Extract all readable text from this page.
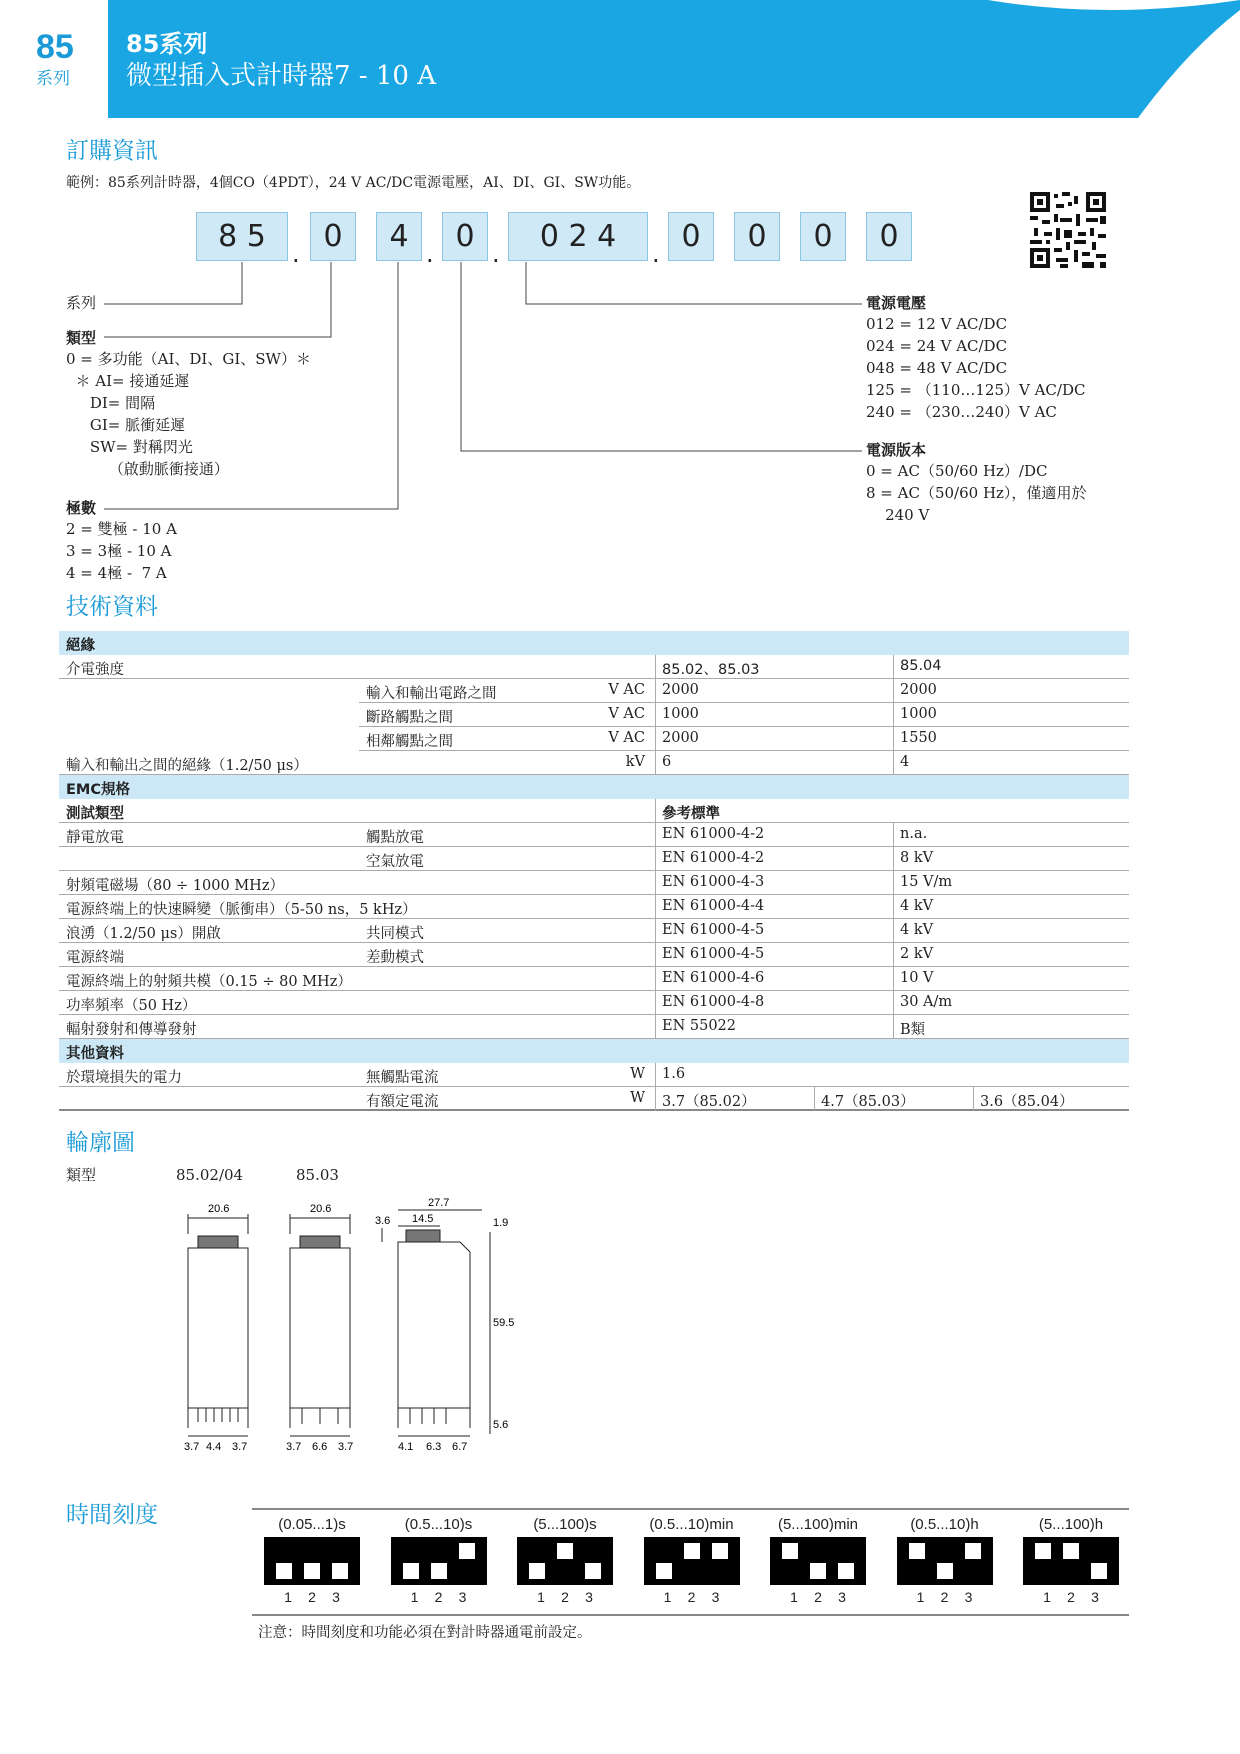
85
系列
85系列
微型插入式計時器7 - 10 A	finder
訂購資訊
範例：85系列計時器，4個CO（4PDT），24 V AC/DC電源電壓，AI、DI、GI、SW功能。
8 5	. 0	4 . 0 .	0 2 4	. 0	0	0	0
系列
類型
0 = 多功能（AI、DI、GI、SW）＊
＊ AI= 接通延遲
DI= 間隔
GI= 脈衝延遲
SW= 對稱閃光
（啟動脈衝接通）
極數
2 = 雙極 - 10 A
3 = 3極 - 10 A
4 = 4極 -  7 A
電源電壓
012 = 12 V AC/DC
024 = 24 V AC/DC
048 = 48 V AC/DC
125 = （110…125）V AC/DC
240 = （230…240）V AC
電源版本
0 = AC（50/60 Hz）/DC
8 = AC（50/60 Hz），僅適用於
240 V
技術資料
絕緣
介電強度	85.02、85.03	85.04
輸入和輸出電路之間	V AC 2000	2000
斷路觸點之間	V AC 1000	1000
相鄰觸點之間	V AC 2000	1550
輸入和輸出之間的絕緣（1.2/50 μs）	kV 6	4
EMC規格
測試類型	參考標準
靜電放電	觸點放電	EN 61000-4-2	n.a.
空氣放電	EN 61000-4-2	8 kV
射頻電磁場（80 ÷ 1000 MHz）	EN 61000-4-3	15 V/m
電源終端上的快速瞬變（脈衝串）（5-50 ns，5 kHz）	EN 61000-4-4	4 kV
浪湧（1.2/50 μs）開啟	共同模式	EN 61000-4-5	4 kV
電源終端	差動模式	EN 61000-4-5	2 kV
電源終端上的射頻共模（0.15 ÷ 80 MHz）	EN 61000-4-6	10 V
功率頻率（50 Hz）	EN 61000-4-8	30 A/m
輻射發射和傳導發射	EN 55022	B類
其他資料
於環境損失的電力	無觸點電流	W 1.6
有額定電流	W 3.7（85.02）	4.7（85.03）	3.6（85.04）
輪廓圖
類型	85.02/04	85.03
20.6	20.6	27.7
14.5
3.6	1.9
59.5
5.6
3.7 4.4 3.7	3.7 6.6 3.7	4.1 6.3 6.7
時間刻度	(0.05...1)s
1 2 3
(0.5...10)s
1 2 3
(5...100)s
1 2 3
(0.5...10)min
1 2 3
(5...100)min
1 2 3
(0.5...10)h
1 2 3
(5...100)h
1 2 3
注意：時間刻度和功能必須在對計時器通電前設定。
